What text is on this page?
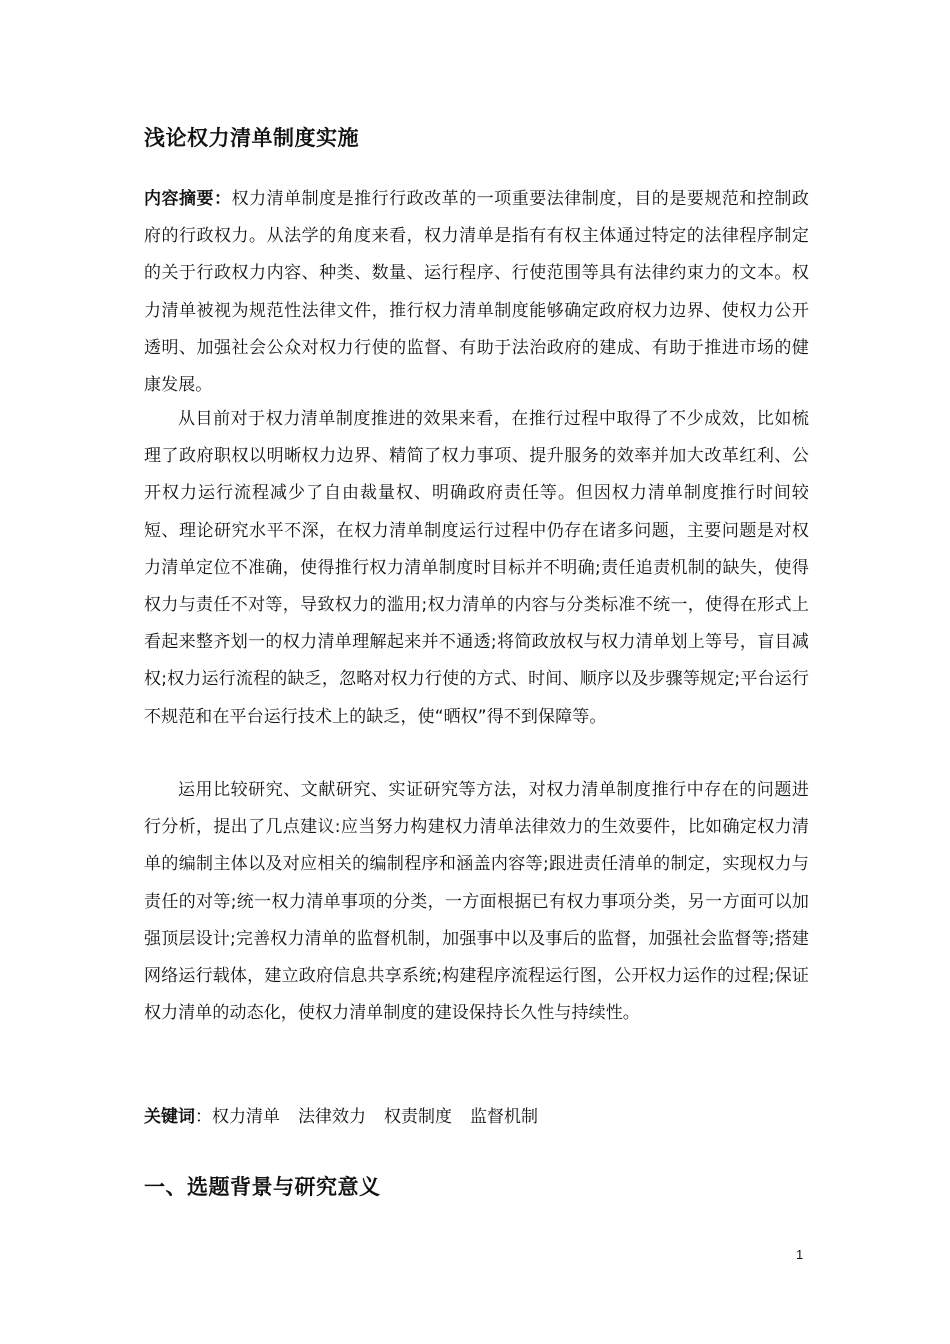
浅论权力清单制度实施
内容摘要：权力清单制度是推行行政改革的一项重要法律制度，目的是要规范和控制政府的行政权力。从法学的角度来看，权力清单是指有有权主体通过特定的法律程序制定的关于行政权力内容、种类、数量、运行程序、行使范围等具有法律约束力的文本。权力清单被视为规范性法律文件，推行权力清单制度能够确定政府权力边界、使权力公开透明、加强社会公众对权力行使的监督、有助于法治政府的建成、有助于推进市场的健康发展。
从目前对于权力清单制度推进的效果来看，在推行过程中取得了不少成效，比如梳理了政府职权以明晰权力边界、精简了权力事项、提升服务的效率并加大改革红利、公开权力运行流程减少了自由裁量权、明确政府责任等。但因权力清单制度推行时间较短、理论研究水平不深，在权力清单制度运行过程中仍存在诸多问题，主要问题是对权力清单定位不准确，使得推行权力清单制度时目标并不明确;责任追责机制的缺失，使得权力与责任不对等，导致权力的滥用;权力清单的内容与分类标准不统一，使得在形式上看起来整齐划一的权力清单理解起来并不通透;将简政放权与权力清单划上等号，盲目减权;权力运行流程的缺乏，忽略对权力行使的方式、时间、顺序以及步骤等规定;平台运行不规范和在平台运行技术上的缺乏，使“晒权”得不到保障等。
运用比较研究、文献研究、实证研究等方法，对权力清单制度推行中存在的问题进行分析，提出了几点建议:应当努力构建权力清单法律效力的生效要件，比如确定权力清单的编制主体以及对应相关的编制程序和涵盖内容等;跟进责任清单的制定，实现权力与责任的对等;统一权力清单事项的分类，一方面根据已有权力事项分类，另一方面可以加强顶层设计;完善权力清单的监督机制，加强事中以及事后的监督，加强社会监督等;搭建网络运行载体，建立政府信息共享系统;构建程序流程运行图，公开权力运作的过程;保证权力清单的动态化，使权力清单制度的建设保持长久性与持续性。
关键词：权力清单 法律效力 权责制度 监督机制
一、选题背景与研究意义
1
